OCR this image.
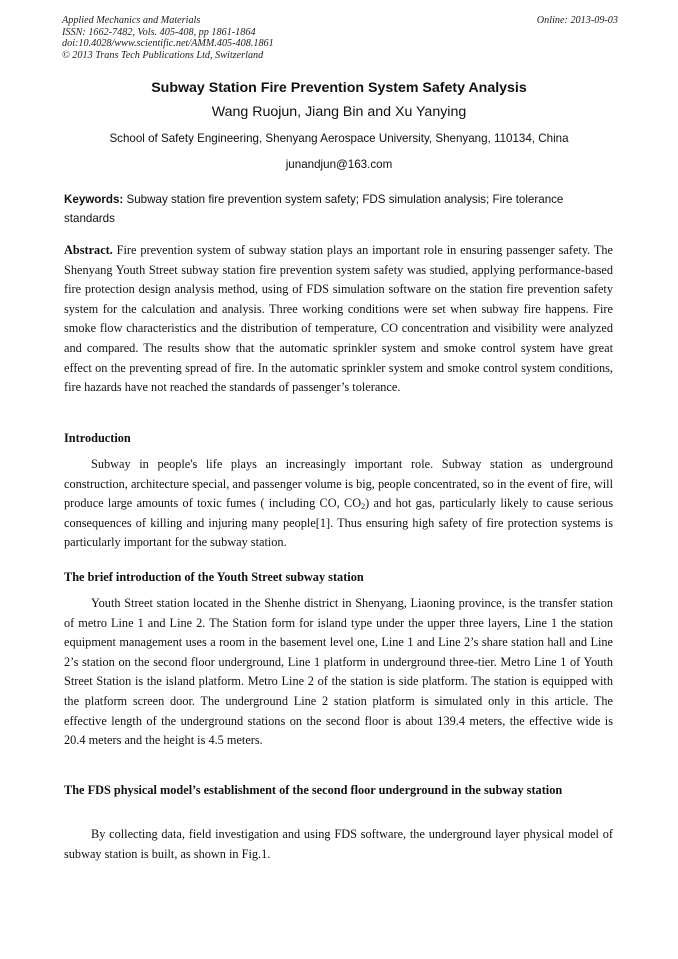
Applied Mechanics and Materials
ISSN: 1662-7482, Vols. 405-408, pp 1861-1864
doi:10.4028/www.scientific.net/AMM.405-408.1861
© 2013 Trans Tech Publications Ltd, Switzerland
Online: 2013-09-03
Subway Station Fire Prevention System Safety Analysis
Wang Ruojun, Jiang Bin and Xu Yanying
School of Safety Engineering, Shenyang Aerospace University, Shenyang, 110134, China
junandjun@163.com
Keywords: Subway station fire prevention system safety; FDS simulation analysis; Fire tolerance standards
Abstract. Fire prevention system of subway station plays an important role in ensuring passenger safety. The Shenyang Youth Street subway station fire prevention system safety was studied, applying performance-based fire protection design analysis method, using of FDS simulation software on the station fire prevention safety system for the calculation and analysis. Three working conditions were set when subway fire happens. Fire smoke flow characteristics and the distribution of temperature, CO concentration and visibility were analyzed and compared. The results show that the automatic sprinkler system and smoke control system have great effect on the preventing spread of fire. In the automatic sprinkler system and smoke control system conditions, fire hazards have not reached the standards of passenger’s tolerance.
Introduction
Subway in people's life plays an increasingly important role. Subway station as underground construction, architecture special, and passenger volume is big, people concentrated, so in the event of fire, will produce large amounts of toxic fumes ( including CO, $CO_2$) and hot gas, particularly likely to cause serious consequences of killing and injuring many people[1]. Thus ensuring high safety of fire protection systems is particularly important for the subway station.
The brief introduction of the Youth Street subway station
Youth Street station located in the Shenhe district in Shenyang, Liaoning province, is the transfer station of metro Line 1 and Line 2. The Station form for island type under the upper three layers, Line 1 the station equipment management uses a room in the basement level one, Line 1 and Line 2’s share station hall and Line 2’s station on the second floor underground, Line 1 platform in underground three-tier. Metro Line 1 of Youth Street Station is the island platform. Metro Line 2 of the station is side platform. The station is equipped with the platform screen door. The underground Line 2 station platform is simulated only in this article. The effective length of the underground stations on the second floor is about 139.4 meters, the effective wide is 20.4 meters and the height is 4.5 meters.
The FDS physical model’s establishment of the second floor underground in the subway station
By collecting data, field investigation and using FDS software, the underground layer physical model of subway station is built, as shown in Fig.1.
